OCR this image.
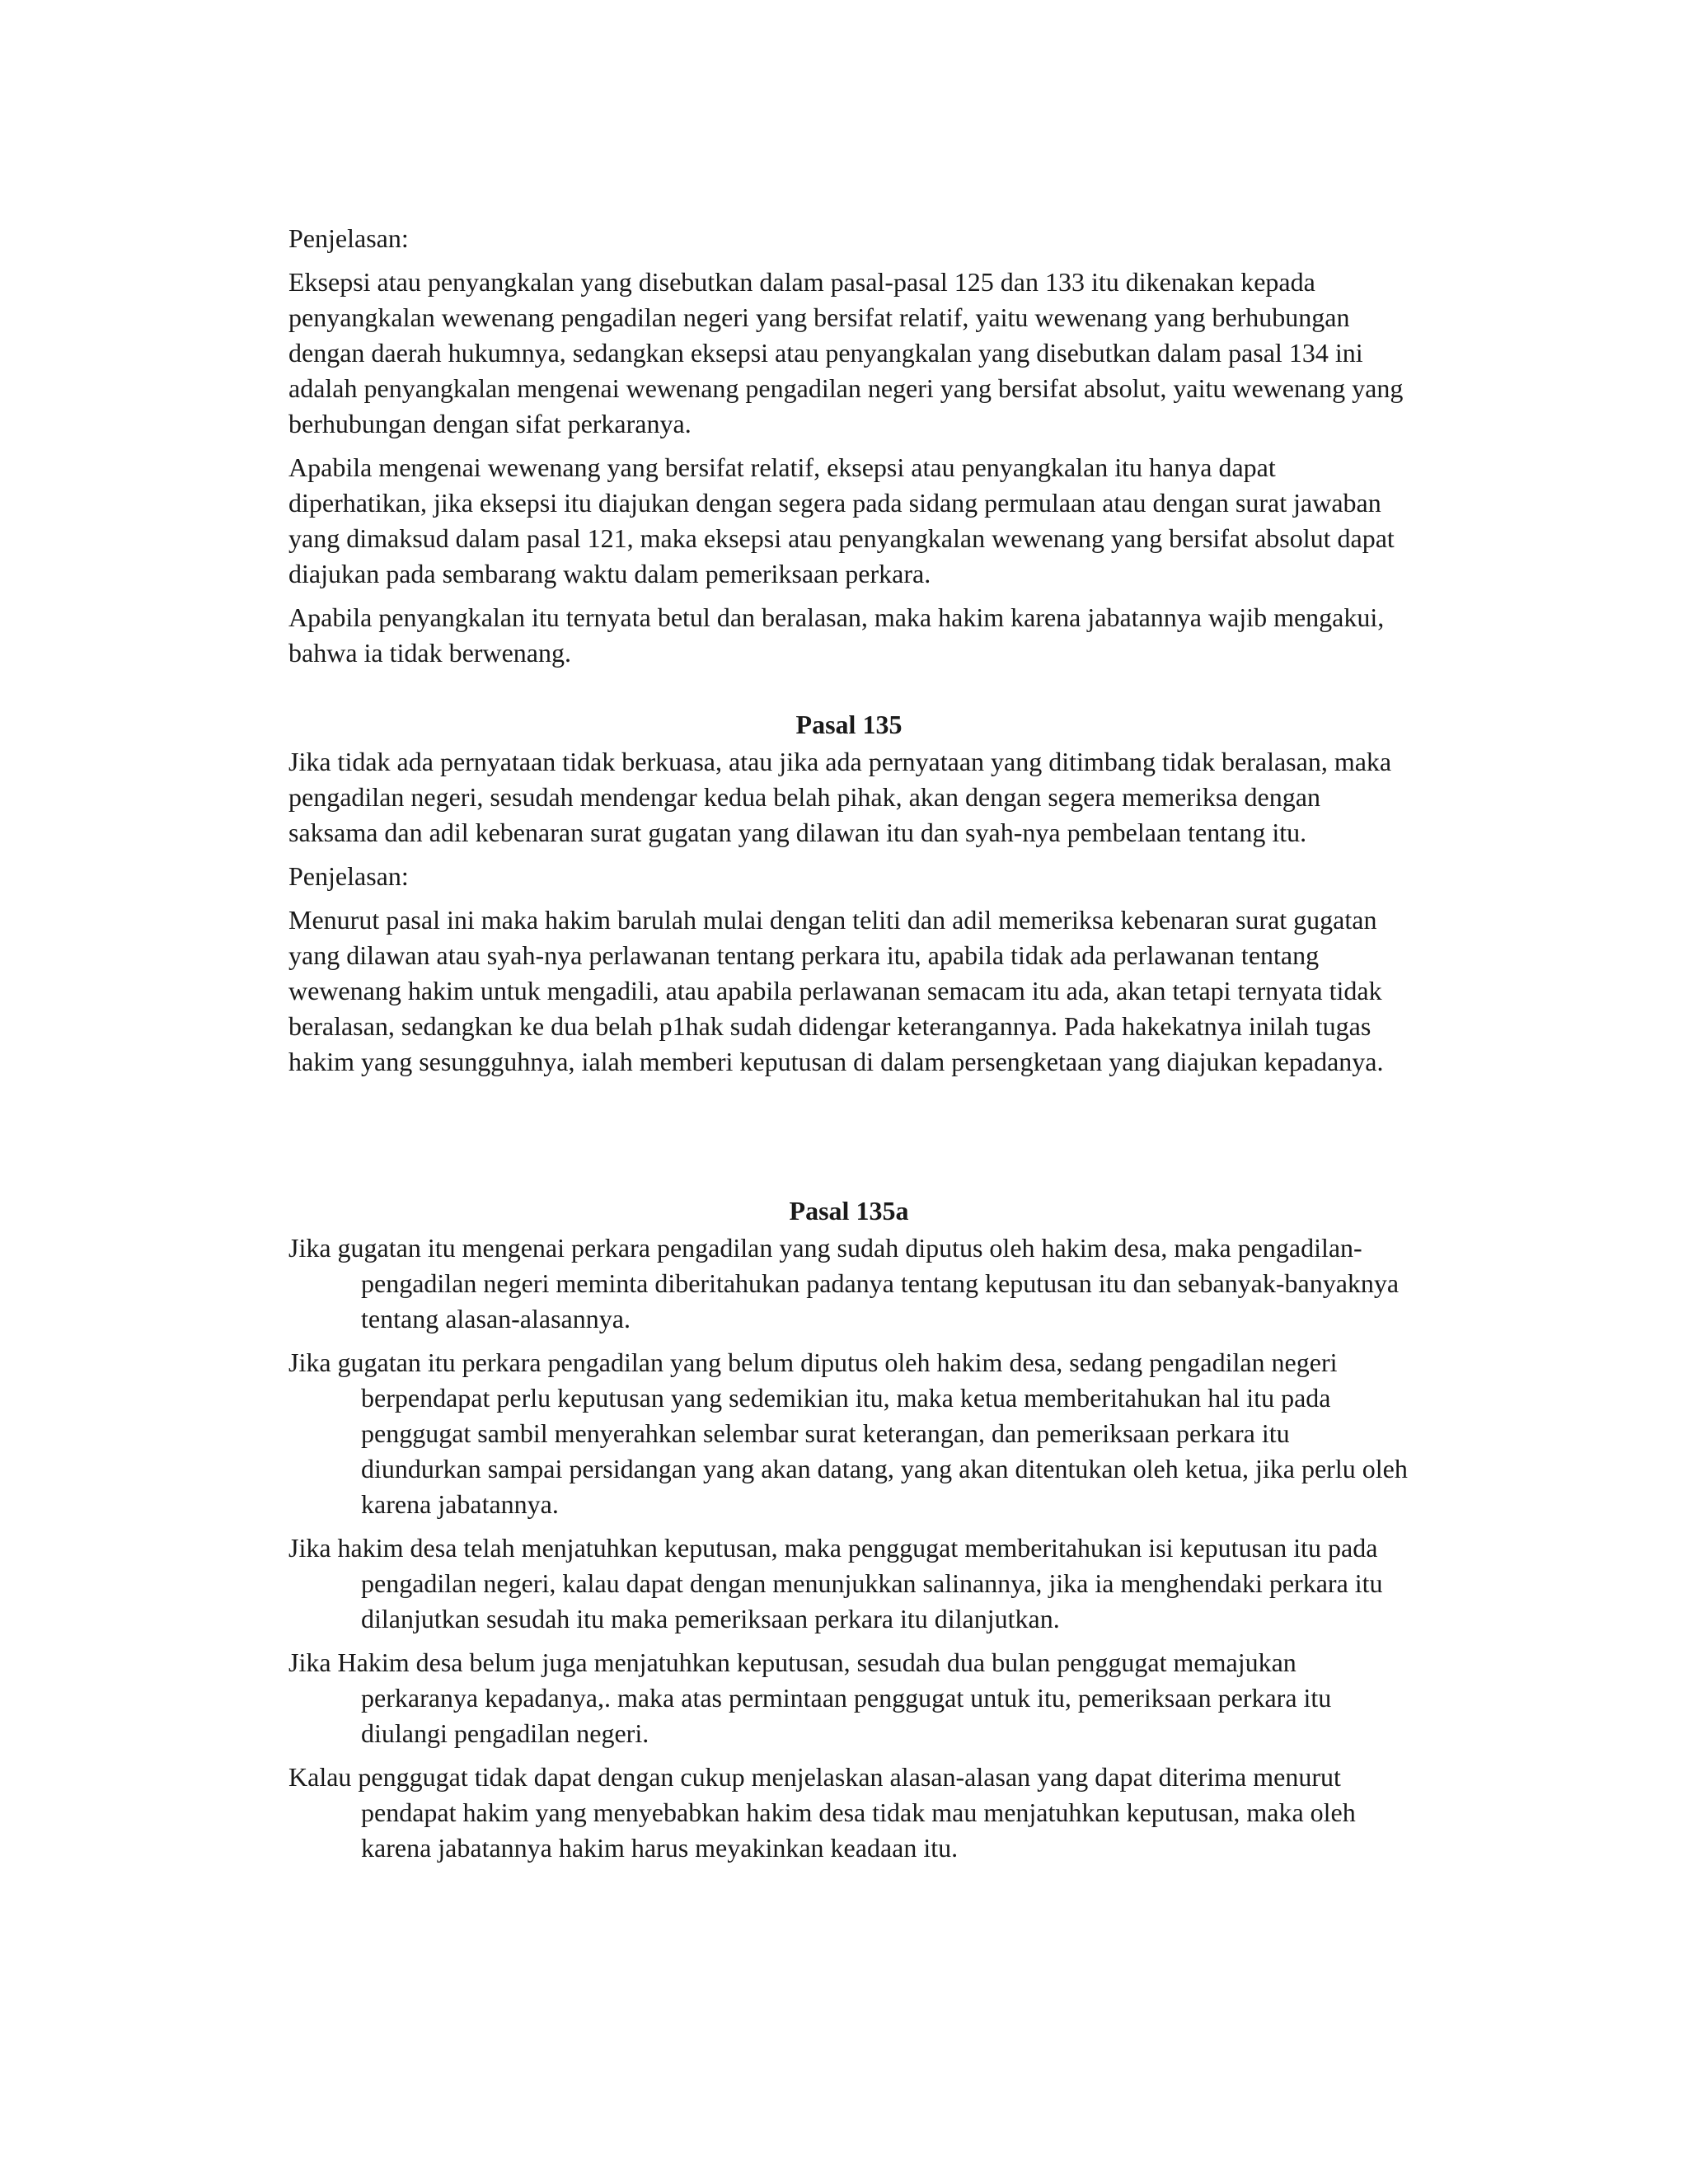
Penjelasan:

Eksepsi atau penyangkalan yang disebutkan dalam pasal-pasal 125 dan 133 itu dikenakan kepada penyangkalan wewenang pengadilan negeri yang bersifat relatif, yaitu wewenang yang berhubungan dengan daerah hukumnya, sedangkan eksepsi atau penyangkalan yang disebutkan dalam pasal 134 ini adalah penyangkalan mengenai wewenang pengadilan negeri yang bersifat absolut, yaitu wewenang yang berhubungan dengan sifat perkaranya.

Apabila mengenai wewenang yang bersifat relatif, eksepsi atau penyangkalan itu hanya dapat diperhatikan, jika eksepsi itu diajukan dengan segera pada sidang permulaan atau dengan surat jawaban yang dimaksud dalam pasal 121, maka eksepsi atau penyangkalan wewenang yang bersifat absolut dapat diajukan pada sembarang waktu dalam pemeriksaan perkara.

Apabila penyangkalan itu ternyata betul dan beralasan, maka hakim karena jabatannya wajib mengakui, bahwa ia tidak berwenang.

Pasal 135

Jika tidak ada pernyataan tidak berkuasa, atau jika ada pernyataan yang ditimbang tidak beralasan, maka pengadilan negeri, sesudah mendengar kedua belah pihak, akan dengan segera memeriksa dengan saksama dan adil kebenaran surat gugatan yang dilawan itu dan syah-nya pembelaan tentang itu.

Penjelasan:

Menurut pasal ini maka hakim barulah mulai dengan teliti dan adil memeriksa kebenaran surat gugatan yang dilawan atau syah-nya perlawanan tentang perkara itu, apabila tidak ada perlawanan tentang wewenang hakim untuk mengadili, atau apabila perlawanan semacam itu ada, akan tetapi ternyata tidak beralasan, sedangkan ke dua belah p1hak sudah didengar keterangannya. Pada hakekatnya inilah tugas hakim yang sesungguhnya, ialah memberi keputusan di dalam persengketaan yang diajukan kepadanya.

Pasal 135a

Jika gugatan itu mengenai perkara pengadilan yang sudah diputus oleh hakim desa, maka pengadilan-pengadilan negeri meminta diberitahukan padanya tentang keputusan itu dan sebanyak-banyaknya tentang alasan-alasannya.

Jika gugatan itu perkara pengadilan yang belum diputus oleh hakim desa, sedang pengadilan negeri berpendapat perlu keputusan yang sedemikian itu, maka ketua memberitahukan hal itu pada penggugat sambil menyerahkan selembar surat keterangan, dan pemeriksaan perkara itu diundurkan sampai persidangan yang akan datang, yang akan ditentukan oleh ketua, jika perlu oleh karena jabatannya.

Jika hakim desa telah menjatuhkan keputusan, maka penggugat memberitahukan isi keputusan itu pada pengadilan negeri, kalau dapat dengan menunjukkan salinannya, jika ia menghendaki perkara itu dilanjutkan sesudah itu maka pemeriksaan perkara itu dilanjutkan.

Jika Hakim desa belum juga menjatuhkan keputusan, sesudah dua bulan penggugat memajukan perkaranya kepadanya,. maka atas permintaan penggugat untuk itu, pemeriksaan perkara itu diulangi pengadilan negeri.

Kalau penggugat tidak dapat dengan cukup menjelaskan alasan-alasan yang dapat diterima menurut pendapat hakim yang menyebabkan hakim desa tidak mau menjatuhkan keputusan, maka oleh karena jabatannya hakim harus meyakinkan keadaan itu.
